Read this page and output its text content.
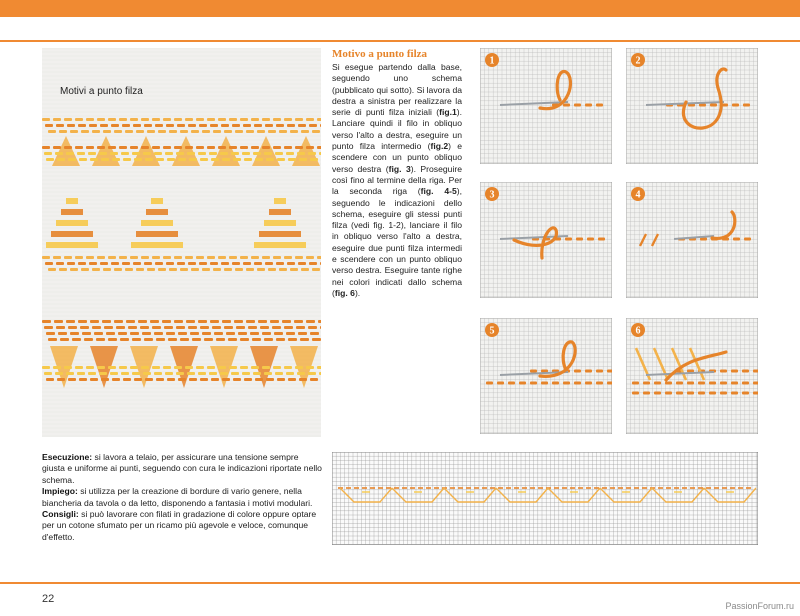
Motivi a punto filza
Motivo a punto filza

Si esegue partendo dalla base, seguendo uno schema (pubblicato qui sotto). Si lavora da destra a sinistra per realizzare la serie di punti filza iniziali (fig.1). Lanciare quindi il filo in obliquo verso l'alto a destra, eseguire un punto filza intermedio (fig.2) e scendere con un punto obliquo verso destra (fig. 3). Proseguire così fino al termine della riga. Per la seconda riga (fig. 4-5), seguendo le indicazioni dello schema, eseguire gli stessi punti filza (vedi fig. 1-2), lanciare il filo in obliquo verso l'alto a destra, eseguire due punti filza intermedi e scendere con un punto obliquo verso destra. Eseguire tante righe nei colori indicati dallo schema (fig. 6).

1	2
3	4
5	6

Esecuzione: si lavora a telaio, per assicurare una tensione sempre giusta e uniforme ai punti, seguendo con cura le indicazioni riportate nello schema.

Impiego: si utilizza per la creazione di bordure di vario genere, nella biancheria da tavola o da letto, disponendo a fantasia i motivi modulari.

Consigli: si può lavorare con filati in gradazione di colore oppure optare per un cotone sfumato per un ricamo più agevole e veloce, comunque d'effetto.

22
PassionForum.ru
